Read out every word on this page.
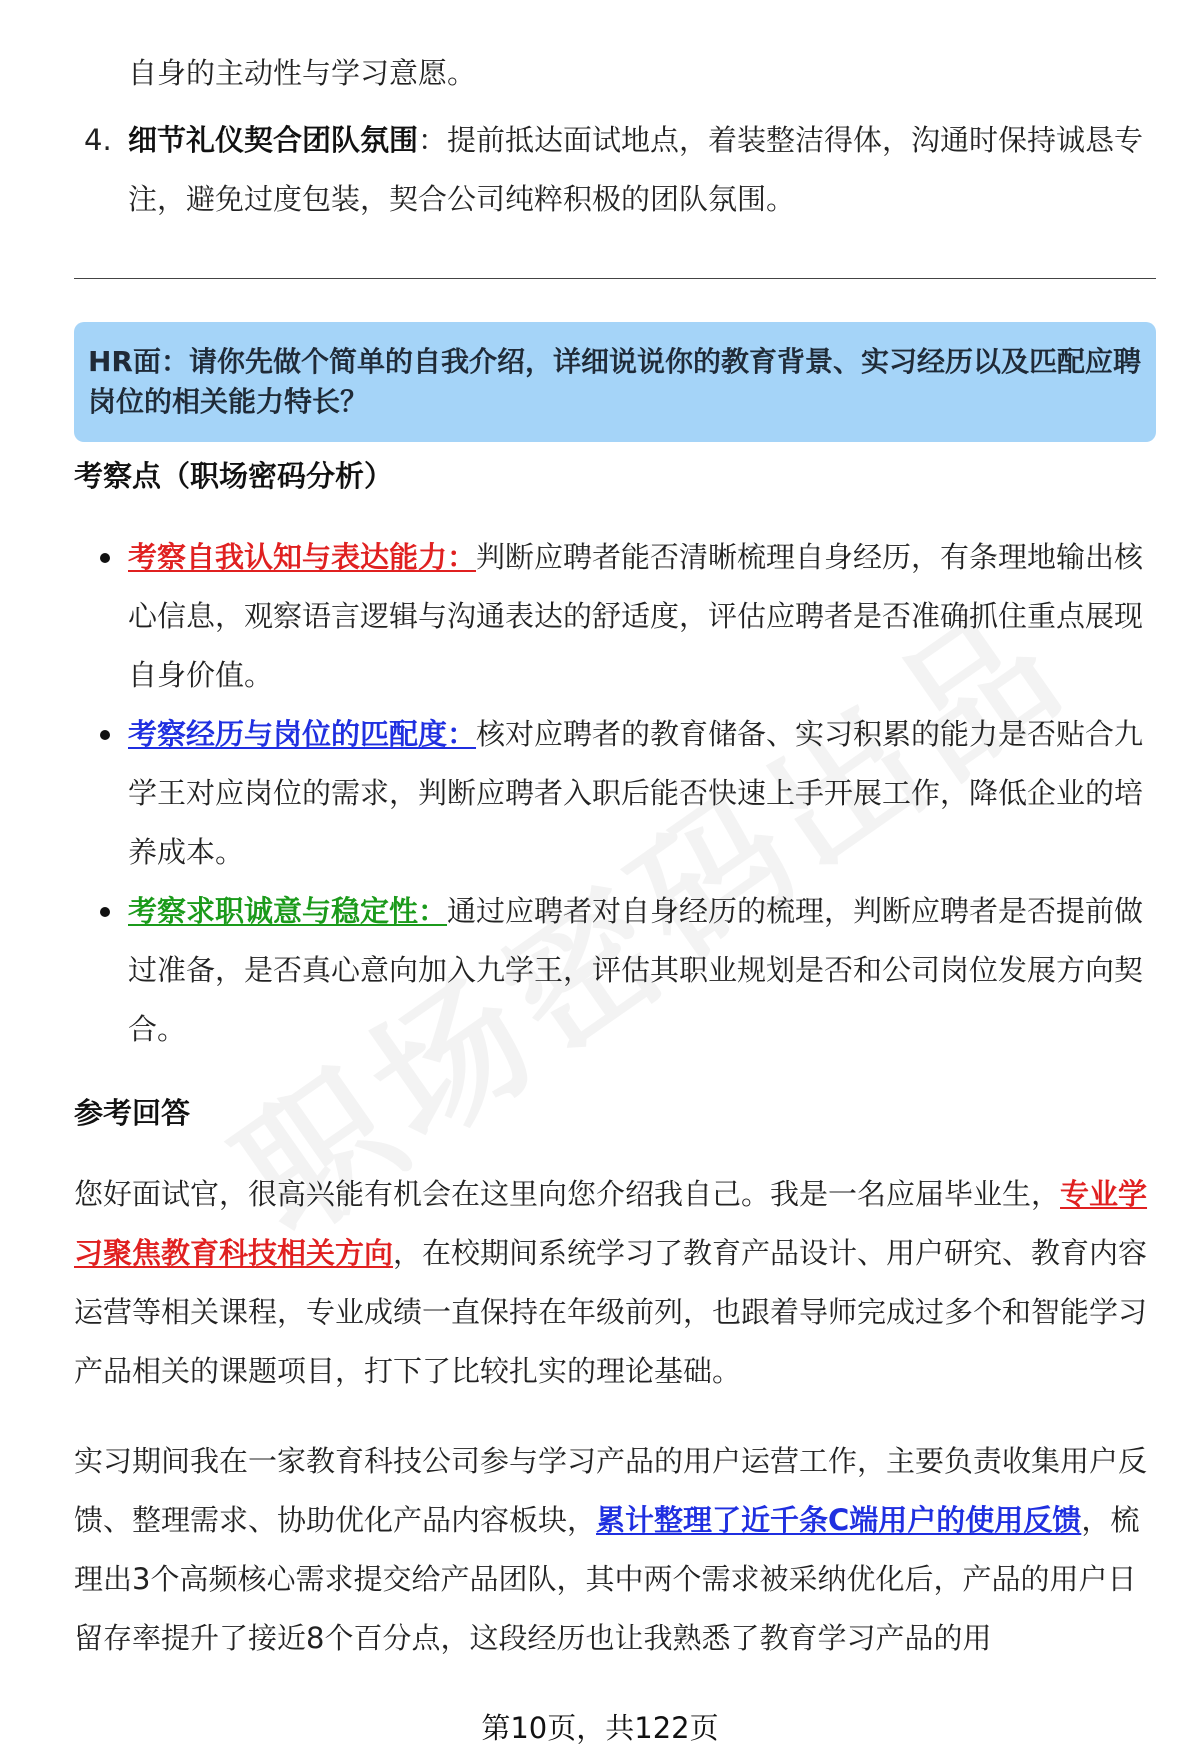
自身的主动性与学习意愿。

4. 细节礼仪契合团队氛围：提前抵达面试地点，着装整洁得体，沟通时保持诚恳专注，避免过度包装，契合公司纯粹积极的团队氛围。
HR面：请你先做个简单的自我介绍，详细说说你的教育背景、实习经历以及匹配应聘岗位的相关能力特长？
考察点（职场密码分析）
考察自我认知与表达能力：判断应聘者能否清晰梳理自身经历，有条理地输出核心信息，观察语言逻辑与沟通表达的舒适度，评估应聘者是否准确抓住重点展现自身价值。
考察经历与岗位的匹配度：核对应聘者的教育储备、实习积累的能力是否贴合九学王对应岗位的需求，判断应聘者入职后能否快速上手开展工作，降低企业的培养成本。
考察求职诚意与稳定性：通过应聘者对自身经历的梳理，判断应聘者是否提前做过准备，是否真心意向加入九学王，评估其职业规划是否和公司岗位发展方向契合。
参考回答

您好面试官，很高兴能有机会在这里向您介绍我自己。我是一名应届毕业生，专业学习聚焦教育科技相关方向，在校期间系统学习了教育产品设计、用户研究、教育内容运营等相关课程，专业成绩一直保持在年级前列，也跟着导师完成过多个和智能学习产品相关的课题项目，打下了比较扎实的理论基础。

实习期间我在一家教育科技公司参与学习产品的用户运营工作，主要负责收集用户反馈、整理需求、协助优化产品内容板块，累计整理了近千条C端用户的使用反馈，梳理出3个高频核心需求提交给产品团队，其中两个需求被采纳优化后，产品的用户日留存率提升了接近8个百分点，这段经历也让我熟悉了教育学习产品的用

第10页，共122页
